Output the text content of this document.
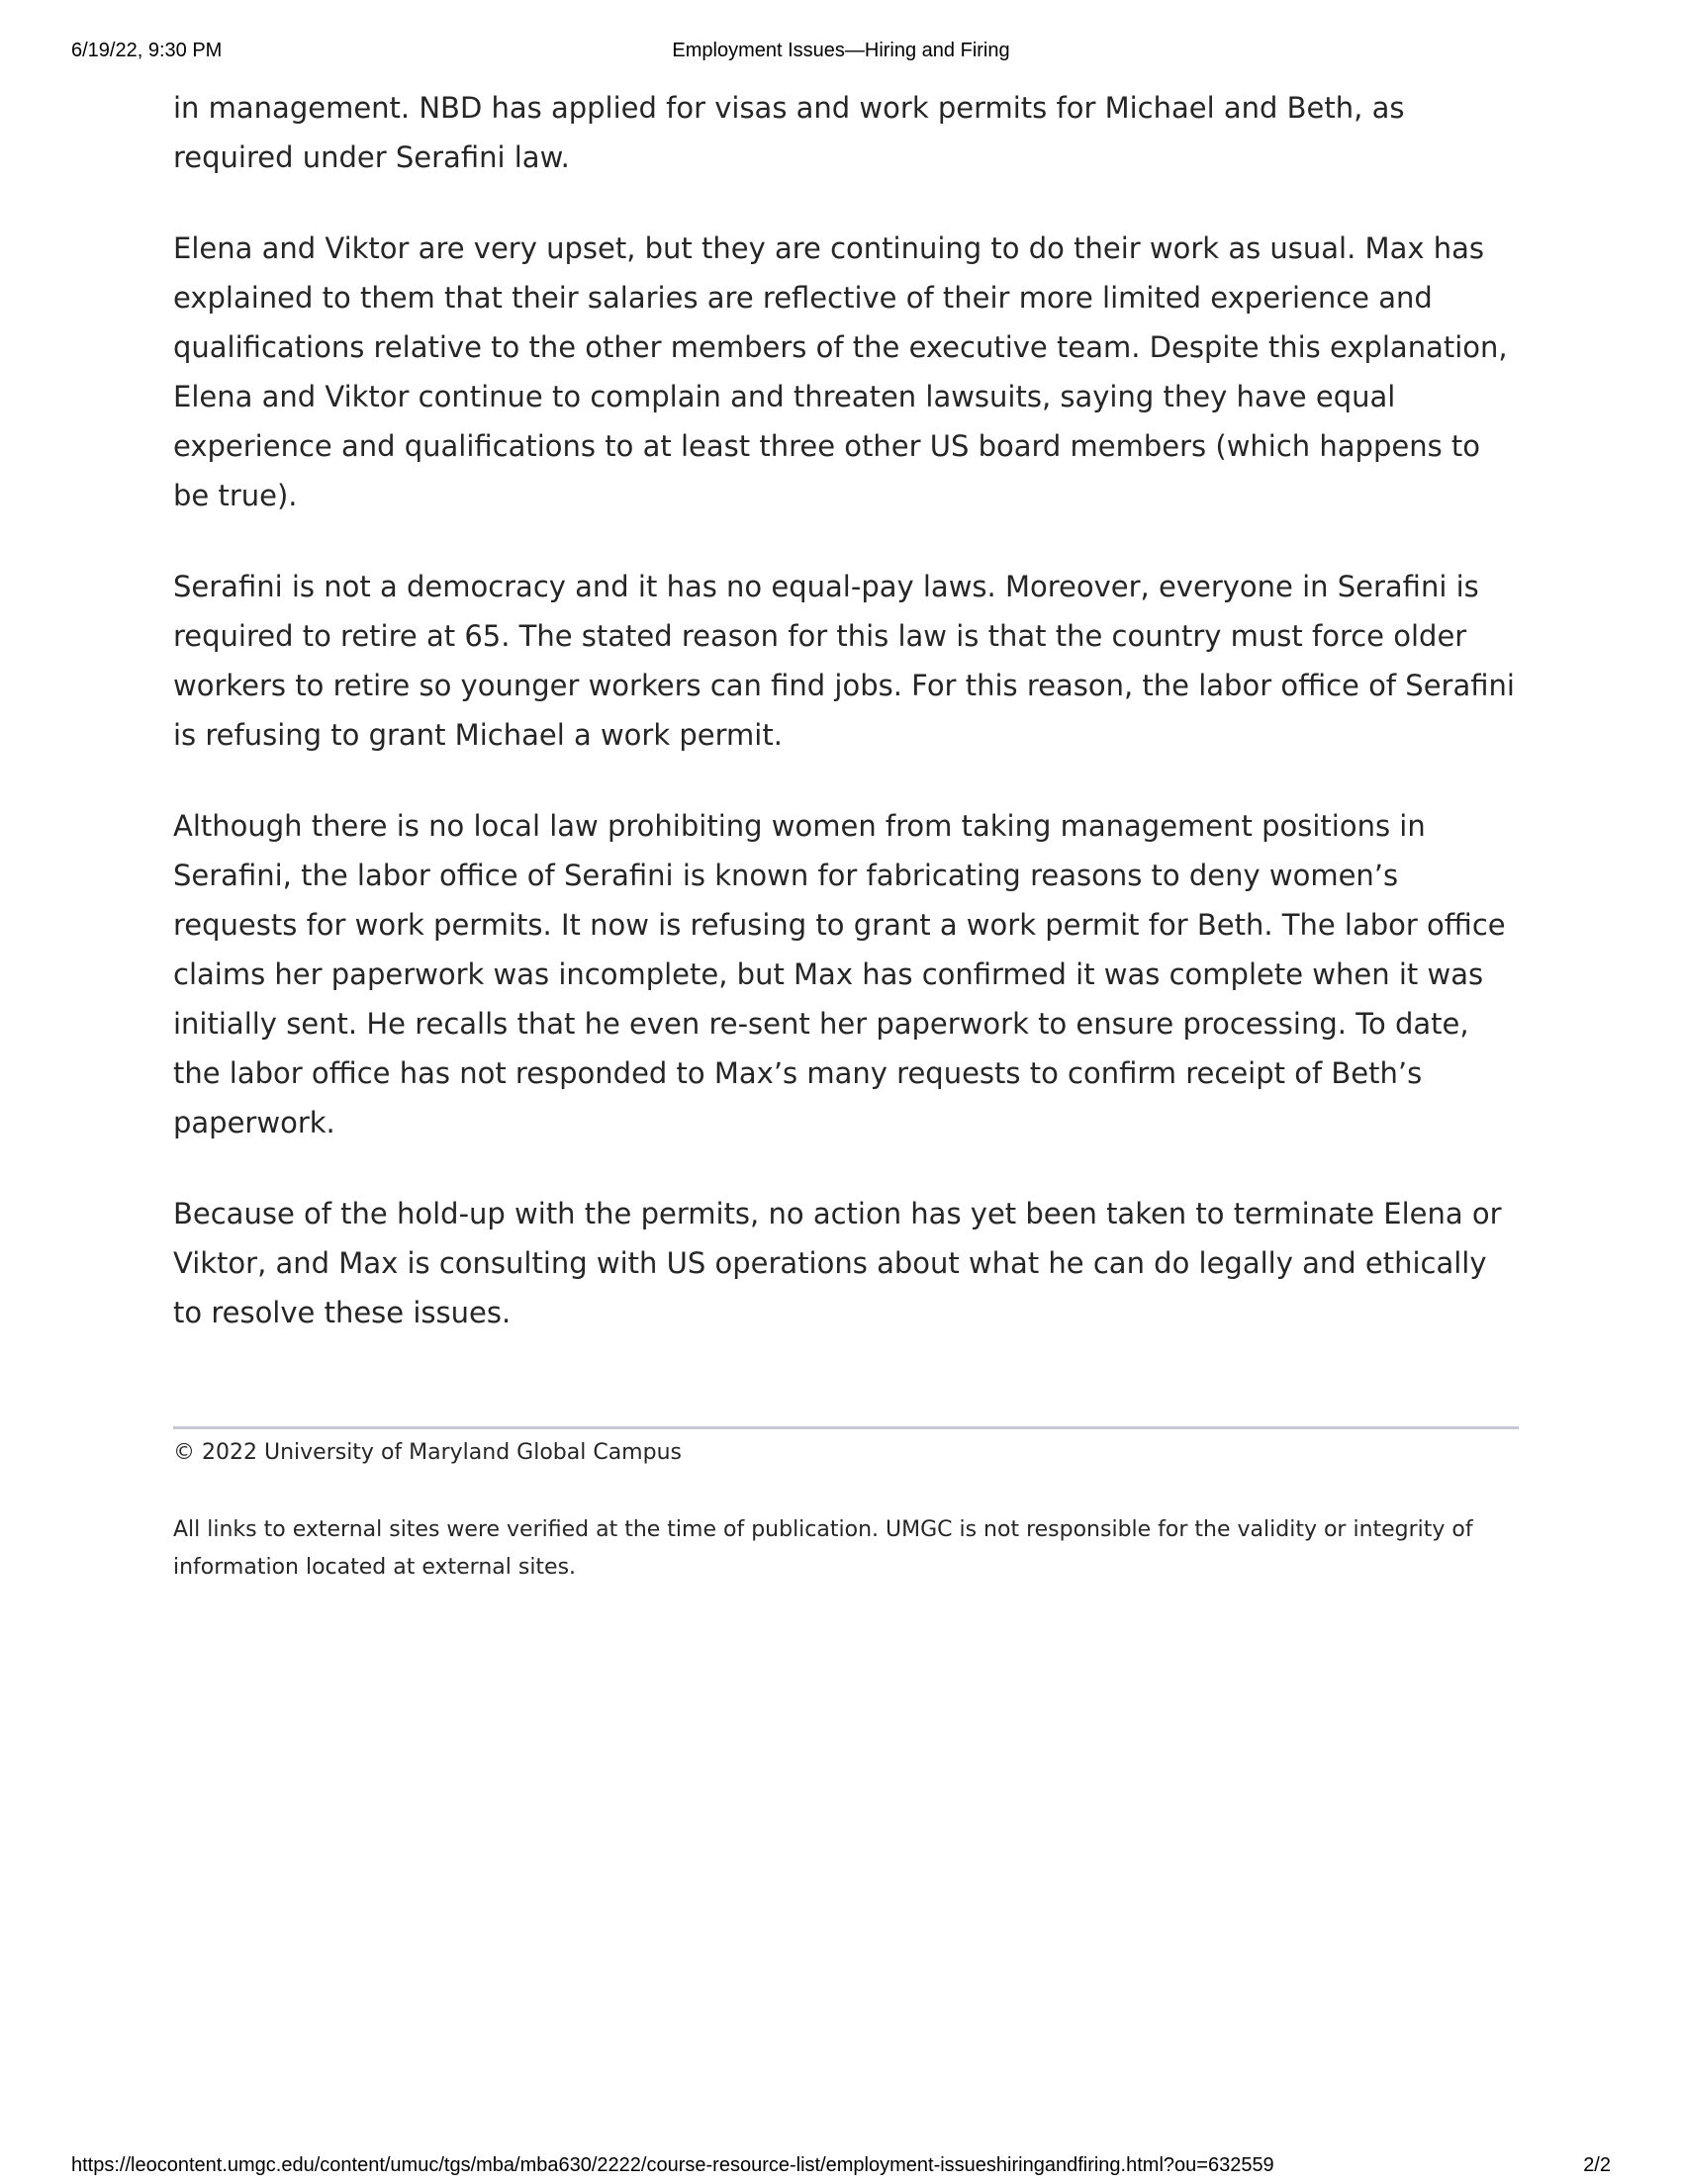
6/19/22, 9:30 PM	Employment Issues—Hiring and Firing

in management. NBD has applied for visas and work permits for Michael and Beth, as required under Serafini law.

Elena and Viktor are very upset, but they are continuing to do their work as usual. Max has explained to them that their salaries are reflective of their more limited experience and qualifications relative to the other members of the executive team. Despite this explanation, Elena and Viktor continue to complain and threaten lawsuits, saying they have equal experience and qualifications to at least three other US board members (which happens to be true).

Serafini is not a democracy and it has no equal-pay laws. Moreover, everyone in Serafini is required to retire at 65. The stated reason for this law is that the country must force older workers to retire so younger workers can find jobs. For this reason, the labor office of Serafini is refusing to grant Michael a work permit.

Although there is no local law prohibiting women from taking management positions in Serafini, the labor office of Serafini is known for fabricating reasons to deny women’s requests for work permits. It now is refusing to grant a work permit for Beth. The labor office claims her paperwork was incomplete, but Max has confirmed it was complete when it was initially sent. He recalls that he even re-sent her paperwork to ensure processing. To date, the labor office has not responded to Max’s many requests to confirm receipt of Beth’s paperwork.

Because of the hold-up with the permits, no action has yet been taken to terminate Elena or Viktor, and Max is consulting with US operations about what he can do legally and ethically to resolve these issues.

© 2022 University of Maryland Global Campus
All links to external sites were verified at the time of publication. UMGC is not responsible for the validity or integrity of information located at external sites.
https://leocontent.umgc.edu/content/umuc/tgs/mba/mba630/2222/course-resource-list/employment-issueshiringandfiring.html?ou=632559	2/2
